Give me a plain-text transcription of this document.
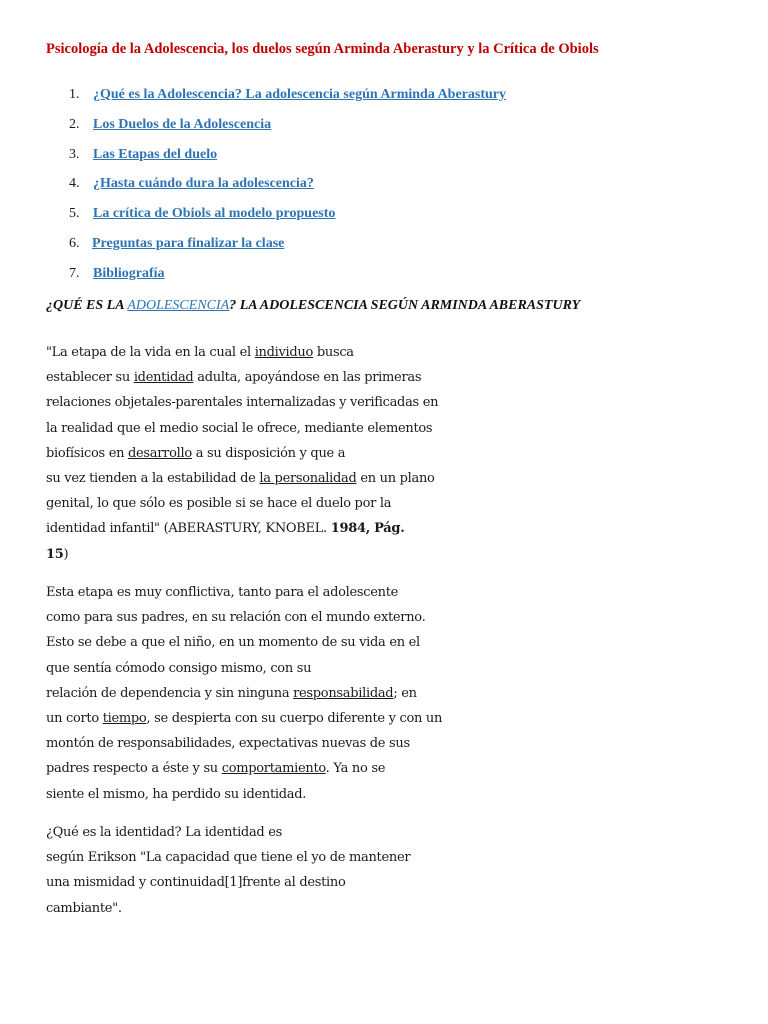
Psicología de la Adolescencia, los duelos según Arminda Aberastury y la Crítica de Obiols
1. ¿Qué es la Adolescencia? La adolescencia según Arminda Aberastury
2. Los Duelos de la Adolescencia
3. Las Etapas del duelo
4. ¿Hasta cuándo dura la adolescencia?
5. La crítica de Obiols al modelo propuesto
6. Preguntas para finalizar la clase
7. Bibliografía
¿QUÉ ES LA ADOLESCENCIA? LA ADOLESCENCIA SEGÚN ARMINDA ABERASTURY

"La etapa de la vida en la cual el individuo busca
establecer su identidad adulta, apoyándose en las primeras
relaciones objetales-parentales internalizadas y verificadas en
la realidad que el medio social le ofrece, mediante elementos
biofísicos en desarrollo a su disposición y que a
su vez tienden a la estabilidad de la personalidad en un plano
genital, lo que sólo es posible si se hace el duelo por la
identidad infantil" (ABERASTURY, KNOBEL. 1984, Pág.
15)

Esta etapa es muy conflictiva, tanto para el adolescente
como para sus padres, en su relación con el mundo externo.
Esto se debe a que el niño, en un momento de su vida en el
que sentía cómodo consigo mismo, con su
relación de dependencia y sin ninguna responsabilidad; en
un corto tiempo, se despierta con su cuerpo diferente y con un
montón de responsabilidades, expectativas nuevas de sus
padres respecto a éste y su comportamiento. Ya no se
siente el mismo, ha perdido su identidad.

¿Qué es la identidad? La identidad es
según Erikson "La capacidad que tiene el yo de mantener
una mismidad y continuidad[1]frente al destino
cambiante".
